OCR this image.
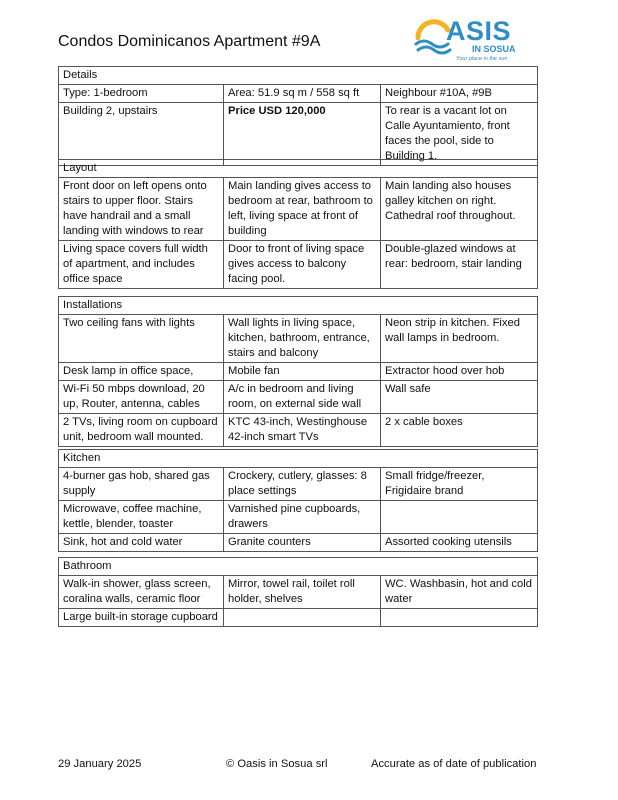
Condos Dominicanos Apartment #9A	ASIS
IN SOSUA
Your place in the sun
Details		
Type: 1-bedroom	Area: 51.9 sq m / 558 sq ft	Neighbour #10A, #9B
Building 2, upstairs	Price USD 120,000	To rear is a vacant lot on Calle Ayuntamiento, front faces the pool, side to Building 1.
Layout		
Front door on left opens onto stairs to upper floor. Stairs have handrail and a small landing with windows to rear	Main landing gives access to bedroom at rear, bathroom to left, living space at front of building	Main landing also houses galley kitchen on right. Cathedral roof throughout.
Living space covers full width of apartment, and includes office space	Door to front of living space gives access to balcony facing pool.	Double-glazed windows at rear: bedroom, stair landing
Installations		
Two ceiling fans with lights	Wall lights in living space, kitchen, bathroom, entrance, stairs and balcony	Neon strip in kitchen. Fixed wall lamps in bedroom.
Desk lamp in office space,	Mobile fan	Extractor hood over hob
Wi-Fi 50 mbps download, 20 up, Router, antenna, cables	A/c in bedroom and living room, on external side wall	Wall safe
2 TVs, living room on cupboard unit, bedroom wall mounted.	KTC 43-inch, Westinghouse 42-inch smart TVs	2 x cable boxes
Kitchen		
4-burner gas hob, shared gas supply	Crockery, cutlery, glasses: 8 place settings	Small fridge/freezer, Frigidaire brand
Microwave, coffee machine, kettle, blender, toaster	Varnished pine cupboards, drawers	
Sink, hot and cold water	Granite counters	Assorted cooking utensils
Bathroom		
Walk-in shower, glass screen, coralina walls, ceramic floor	Mirror, towel rail, toilet roll holder, shelves	WC. Washbasin, hot and cold water
Large built-in storage cupboard		
29 January 2025	© Oasis in Sosua srl	Accurate as of date of publication
